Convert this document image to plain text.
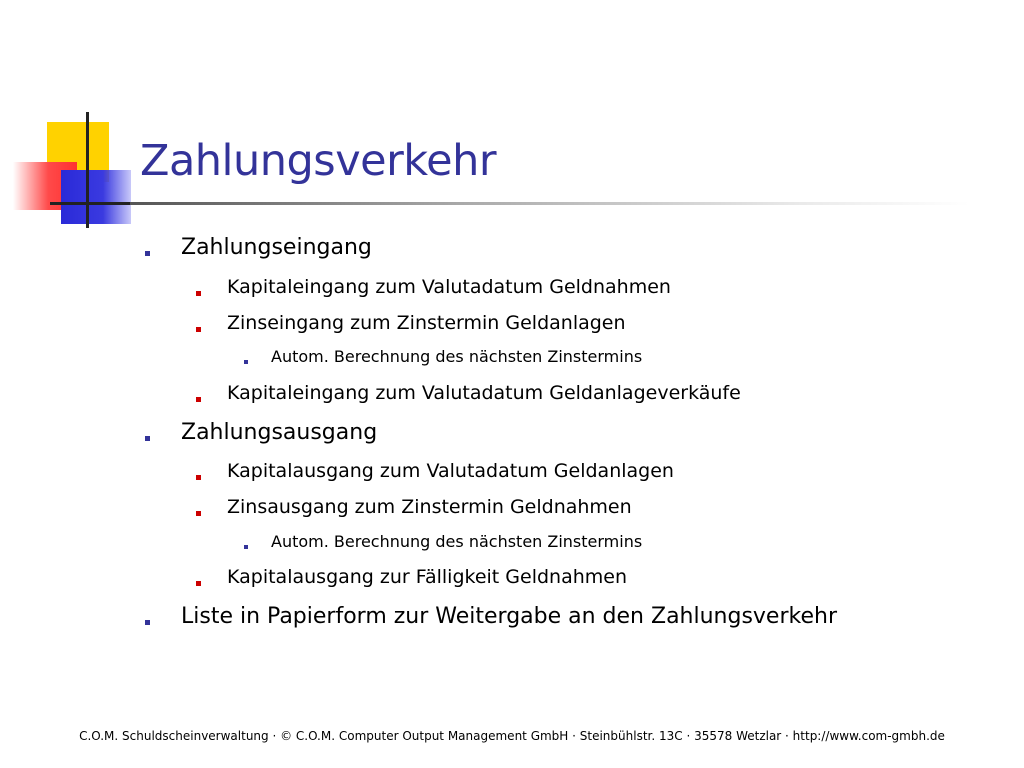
Zahlungsverkehr
Zahlungseingang
Kapitaleingang zum Valutadatum Geldnahmen
Zinseingang zum Zinstermin Geldanlagen
Autom. Berechnung des nächsten Zinstermins
Kapitaleingang zum Valutadatum Geldanlageverkäufe
Zahlungsausgang
Kapitalausgang zum Valutadatum Geldanlagen
Zinsausgang zum Zinstermin Geldnahmen
Autom. Berechnung des nächsten Zinstermins
Kapitalausgang zur Fälligkeit Geldnahmen
Liste in Papierform zur Weitergabe an den Zahlungsverkehr
C.O.M. Schuldscheinverwaltung · © C.O.M. Computer Output Management GmbH · Steinbühlstr. 13C · 35578 Wetzlar · http://www.com-gmbh.de
